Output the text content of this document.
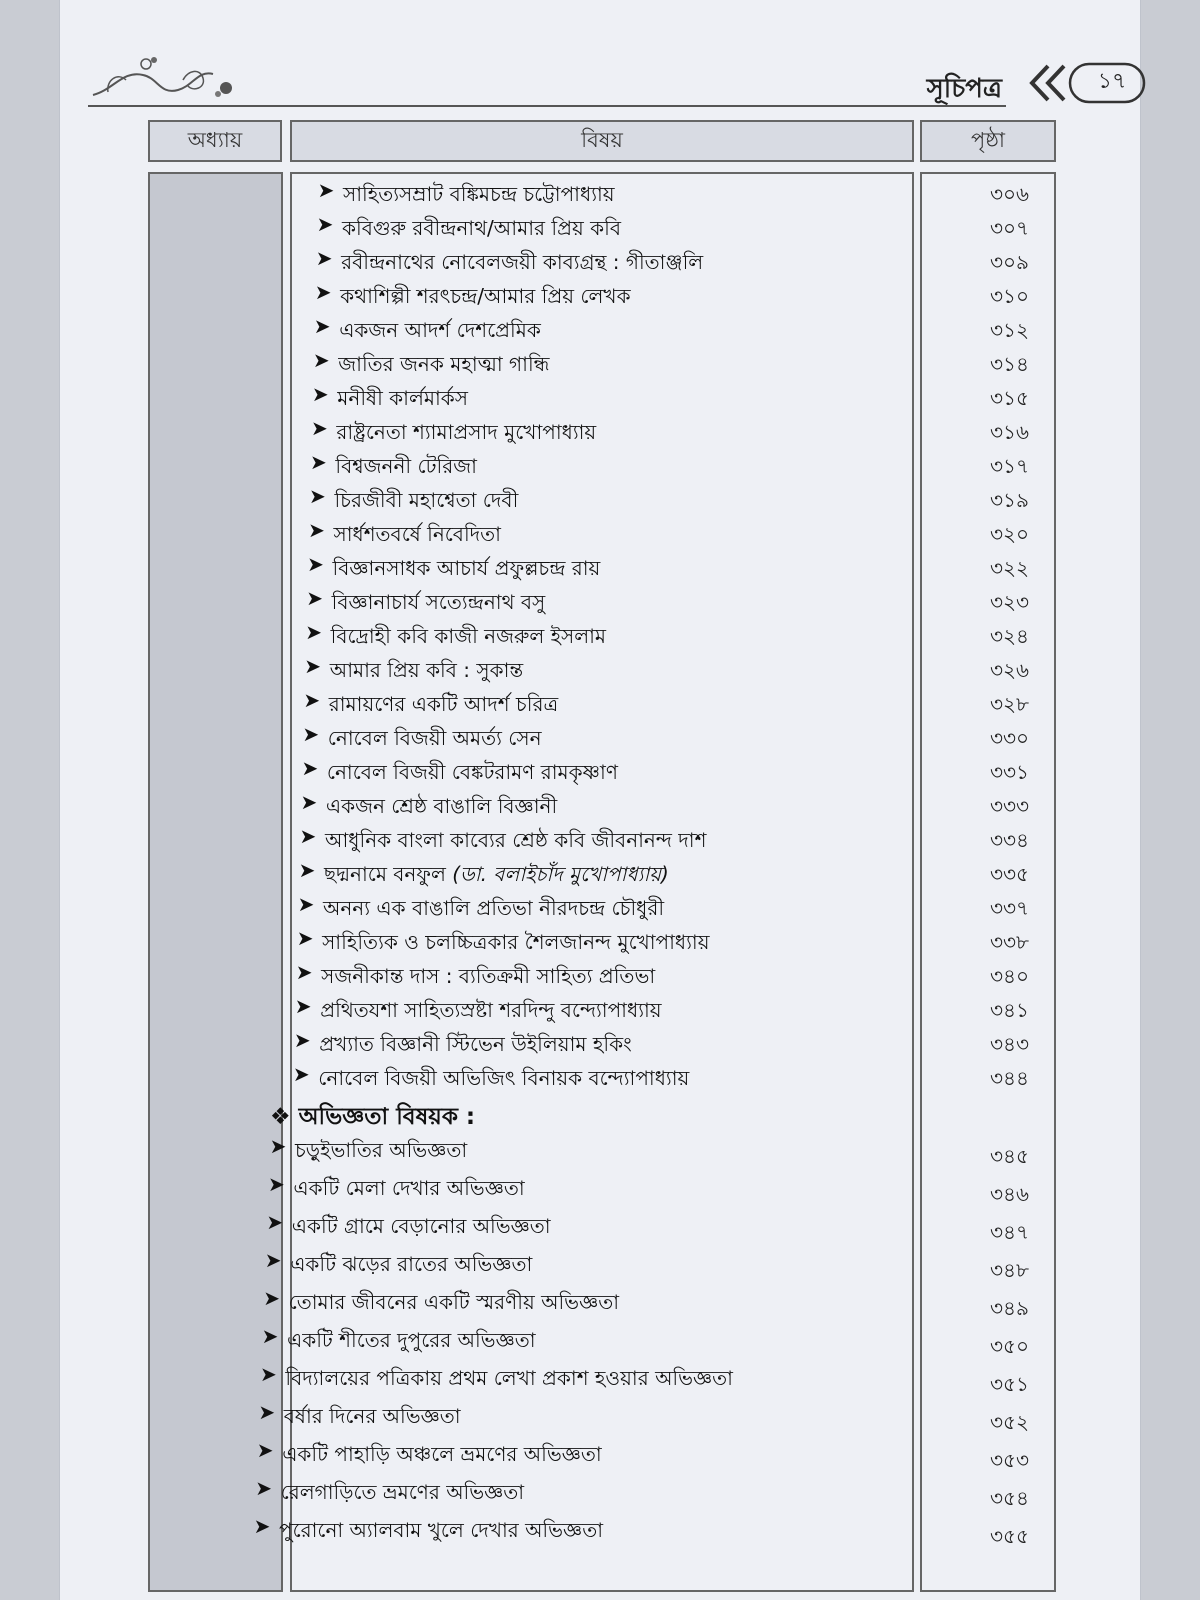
সূচিপত্র	১৭
অধ্যায়	বিষয়	পৃষ্ঠা
➤ সাহিত্যসম্রাট বঙ্কিমচন্দ্র চট্টোপাধ্যায়	৩০৬
➤ কবিগুরু রবীন্দ্রনাথ/আমার প্রিয় কবি	৩০৭
➤ রবীন্দ্রনাথের নোবেলজয়ী কাব্যগ্রন্থ : গীতাঞ্জলি	৩০৯
➤ কথাশিল্পী শরৎচন্দ্র/আমার প্রিয় লেখক	৩১০
➤ একজন আদর্শ দেশপ্রেমিক	৩১২
➤ জাতির জনক মহাত্মা গান্ধি	৩১৪
➤ মনীষী কার্লমার্কস	৩১৫
➤ রাষ্ট্রনেতা শ্যামাপ্রসাদ মুখোপাধ্যায়	৩১৬
➤ বিশ্বজননী টেরিজা	৩১৭
➤ চিরজীবী মহাশ্বেতা দেবী	৩১৯
➤ সার্ধশতবর্ষে নিবেদিতা	৩২০
➤ বিজ্ঞানসাধক আচার্য প্রফুল্লচন্দ্র রায়	৩২২
➤ বিজ্ঞানাচার্য সত্যেন্দ্রনাথ বসু	৩২৩
➤ বিদ্রোহী কবি কাজী নজরুল ইসলাম	৩২৪
➤ আমার প্রিয় কবি : সুকান্ত	৩২৬
➤ রামায়ণের একটি আদর্শ চরিত্র	৩২৮
➤ নোবেল বিজয়ী অমর্ত্য সেন	৩৩০
➤ নোবেল বিজয়ী বেঙ্কটরামণ রামকৃষ্ণাণ	৩৩১
➤ একজন শ্রেষ্ঠ বাঙালি বিজ্ঞানী	৩৩৩
➤ আধুনিক বাংলা কাব্যের শ্রেষ্ঠ কবি জীবনানন্দ দাশ	৩৩৪
➤ ছদ্মনামে বনফুল (ডা. বলাইচাঁদ মুখোপাধ্যায়)	৩৩৫
➤ অনন্য এক বাঙালি প্রতিভা নীরদচন্দ্র চৌধুরী	৩৩৭
➤ সাহিত্যিক ও চলচ্চিত্রকার শৈলজানন্দ মুখোপাধ্যায়	৩৩৮
➤ সজনীকান্ত দাস : ব্যতিক্রমী সাহিত্য প্রতিভা	৩৪০
➤ প্রথিতযশা সাহিত্যস্রষ্টা শরদিন্দু বন্দ্যোপাধ্যায়	৩৪১
➤ প্রখ্যাত বিজ্ঞানী স্টিভেন উইলিয়াম হকিং	৩৪৩
➤ নোবেল বিজয়ী অভিজিৎ বিনায়ক বন্দ্যোপাধ্যায়	৩৪৪
❖ অভিজ্ঞতা বিষয়ক :
➤ চড়ুইভাতির অভিজ্ঞতা	৩৪৫
➤ একটি মেলা দেখার অভিজ্ঞতা	৩৪৬
➤ একটি গ্রামে বেড়ানোর অভিজ্ঞতা	৩৪৭
➤ একটি ঝড়ের রাতের অভিজ্ঞতা	৩৪৮
➤ তোমার জীবনের একটি স্মরণীয় অভিজ্ঞতা	৩৪৯
➤ একটি শীতের দুপুরের অভিজ্ঞতা	৩৫০
➤ বিদ্যালয়ের পত্রিকায় প্রথম লেখা প্রকাশ হওয়ার অভিজ্ঞতা	৩৫১
➤ বর্ষার দিনের অভিজ্ঞতা	৩৫২
➤ একটি পাহাড়ি অঞ্চলে ভ্রমণের অভিজ্ঞতা	৩৫৩
➤ রেলগাড়িতে ভ্রমণের অভিজ্ঞতা	৩৫৪
➤ পুরোনো অ্যালবাম খুলে দেখার অভিজ্ঞতা	৩৫৫
